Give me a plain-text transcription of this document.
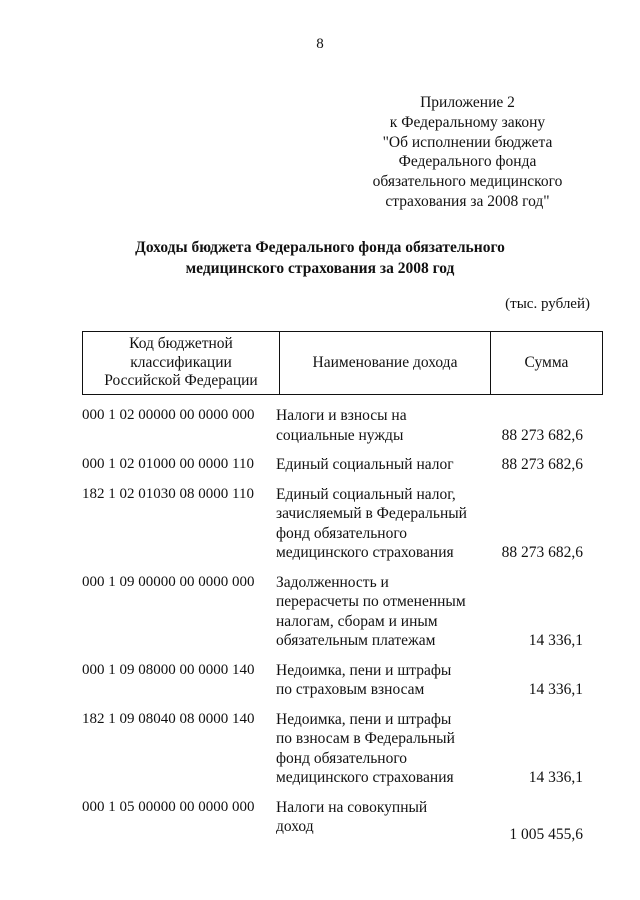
8
Приложение 2
к Федеральному закону
"Об исполнении бюджета
Федерального фонда
обязательного медицинского
страхования за 2008 год"
Доходы бюджета Федерального фонда обязательного
медицинского страхования за 2008 год
(тыс. рублей)
Код бюджетной
классификации
Российской Федерации
	Наименование дохода	Сумма
000 1 02 00000 00 0000 000	Налоги и взносы на
социальные нужды	88 273 682,6
000 1 02 01000 00 0000 110	Единый социальный налог	88 273 682,6
182 1 02 01030 08 0000 110	Единый социальный налог,
зачисляемый в Федеральный
фонд обязательного
медицинского страхования	88 273 682,6
000 1 09 00000 00 0000 000	Задолженность и
перерасчеты по отмененным
налогам, сборам и иным
обязательным платежам	14 336,1
000 1 09 08000 00 0000 140	Недоимка, пени и штрафы
по страховым взносам	14 336,1
182 1 09 08040 08 0000 140	Недоимка, пени и штрафы
по взносам в Федеральный
фонд обязательного
медицинского страхования	14 336,1
000 1 05 00000 00 0000 000	Налоги на совокупный
доход	1 005 455,6
